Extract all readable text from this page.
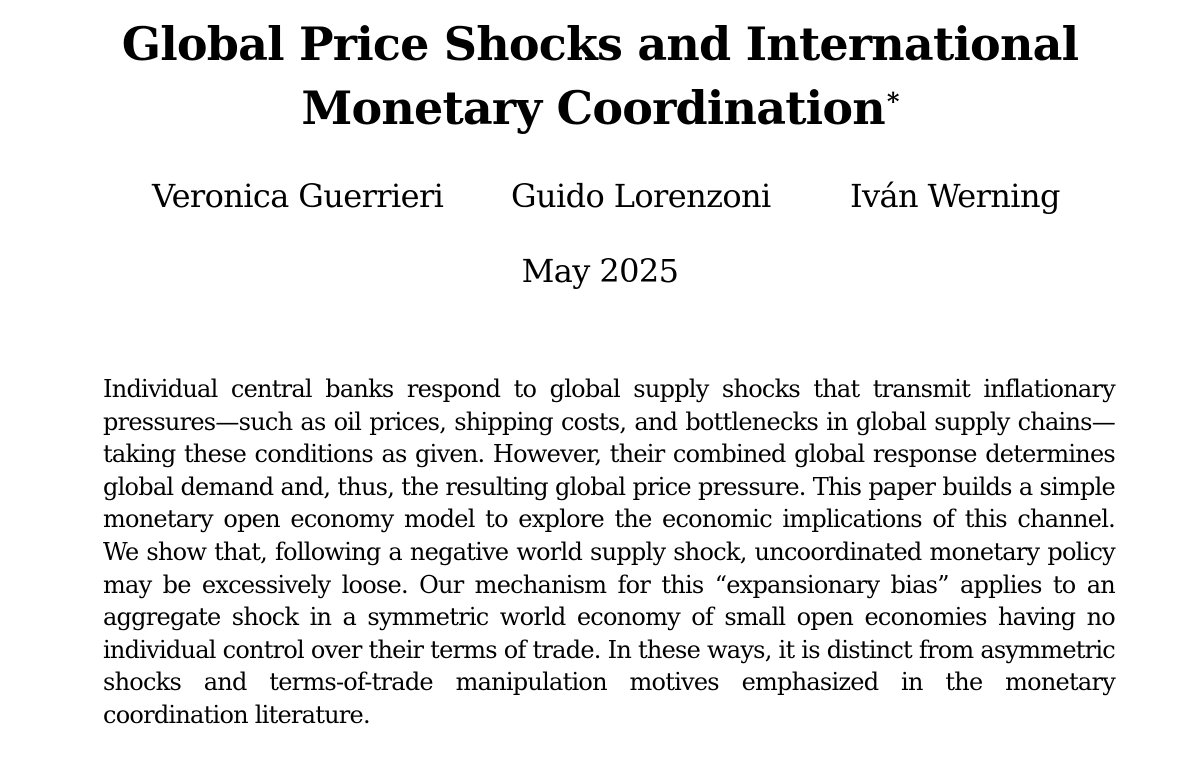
Global Price Shocks and International Monetary Coordination*
Veronica Guerrieri Guido Lorenzoni Iván Werning

May 2025

Individual central banks respond to global supply shocks that transmit inflationary pressures—such as oil prices, shipping costs, and bottlenecks in global supply chains—taking these conditions as given. However, their combined global response determines global demand and, thus, the resulting global price pressure. This paper builds a simple monetary open economy model to explore the economic implications of this channel. We show that, following a negative world supply shock, uncoordinated monetary policy may be excessively loose. Our mechanism for this “expansionary bias” applies to an aggregate shock in a symmetric world economy of small open economies having no individual control over their terms of trade. In these ways, it is distinct from asymmetric shocks and terms-of-trade manipulation motives emphasized in the monetary coordination literature.
